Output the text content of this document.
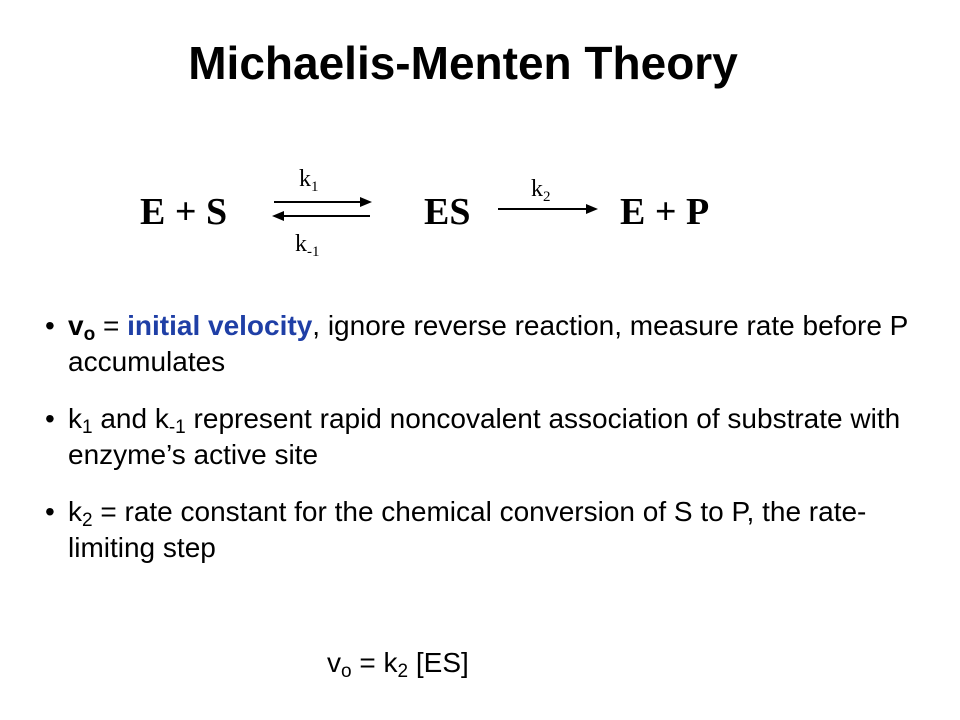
Michaelis-Menten Theory
E + S	ES	E + P
$k_1$
$k_{-1}$
$k_2$
• $v_o$ = initial velocity, ignore reverse reaction, measure rate before P accumulates
• $k_1$ and $k_{-1}$ represent rapid noncovalent association of substrate with enzyme’s active site
• $k_2$ = rate constant for the chemical conversion of S to P, the rate-limiting step
$v_o = k_2$ [ES]
